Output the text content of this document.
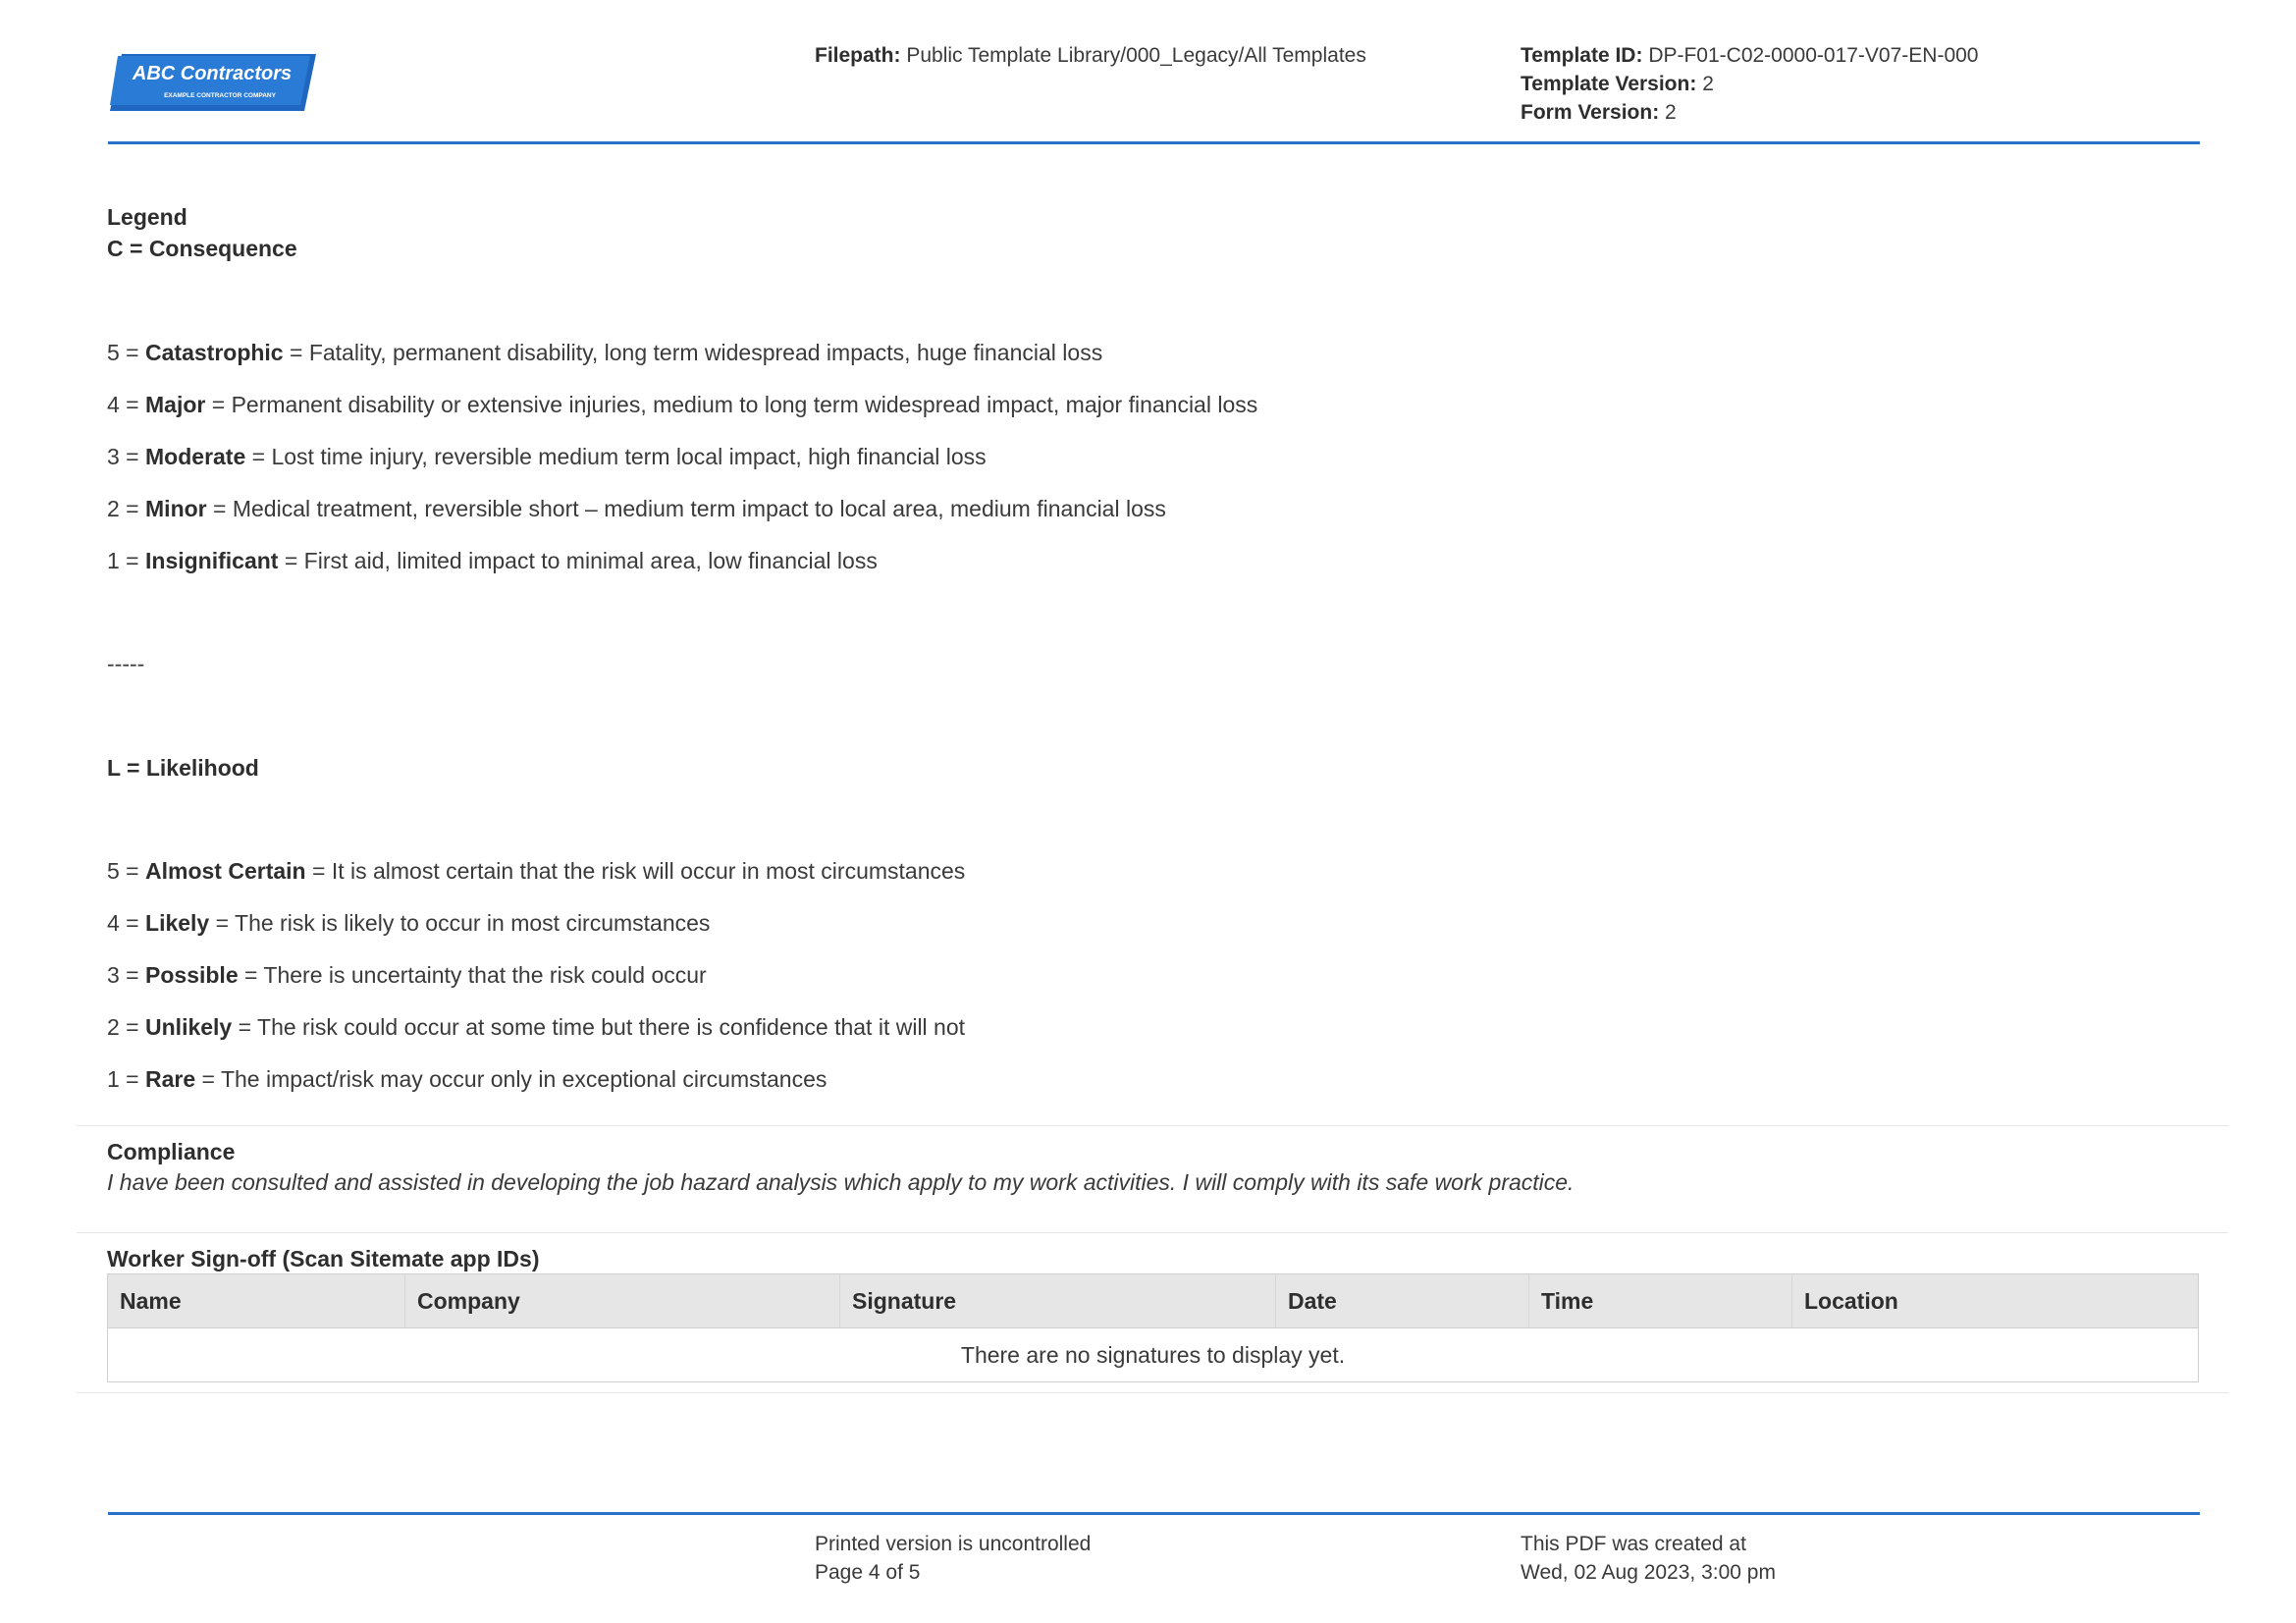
ABC Contractors
EXAMPLE CONTRACTOR COMPANY
Filepath: Public Template Library/000_Legacy/All Templates	Template ID: DP-F01-C02-0000-017-V07-EN-000
Template Version: 2
Form Version: 2
Legend
C = Consequence
5 = Catastrophic = Fatality, permanent disability, long term widespread impacts, huge financial loss
4 = Major = Permanent disability or extensive injuries, medium to long term widespread impact, major financial loss
3 = Moderate = Lost time injury, reversible medium term local impact, high financial loss
2 = Minor = Medical treatment, reversible short – medium term impact to local area, medium financial loss
1 = Insignificant = First aid, limited impact to minimal area, low financial loss
-----
L = Likelihood
5 = Almost Certain = It is almost certain that the risk will occur in most circumstances
4 = Likely = The risk is likely to occur in most circumstances
3 = Possible = There is uncertainty that the risk could occur
2 = Unlikely = The risk could occur at some time but there is confidence that it will not
1 = Rare = The impact/risk may occur only in exceptional circumstances
Compliance
I have been consulted and assisted in developing the job hazard analysis which apply to my work activities. I will comply with its safe work practice.
Worker Sign-off (Scan Sitemate app IDs)
Name	Company	Signature	Date	Time	Location
There are no signatures to display yet.
Printed version is uncontrolled
Page 4 of 5
This PDF was created at
Wed, 02 Aug 2023, 3:00 pm
